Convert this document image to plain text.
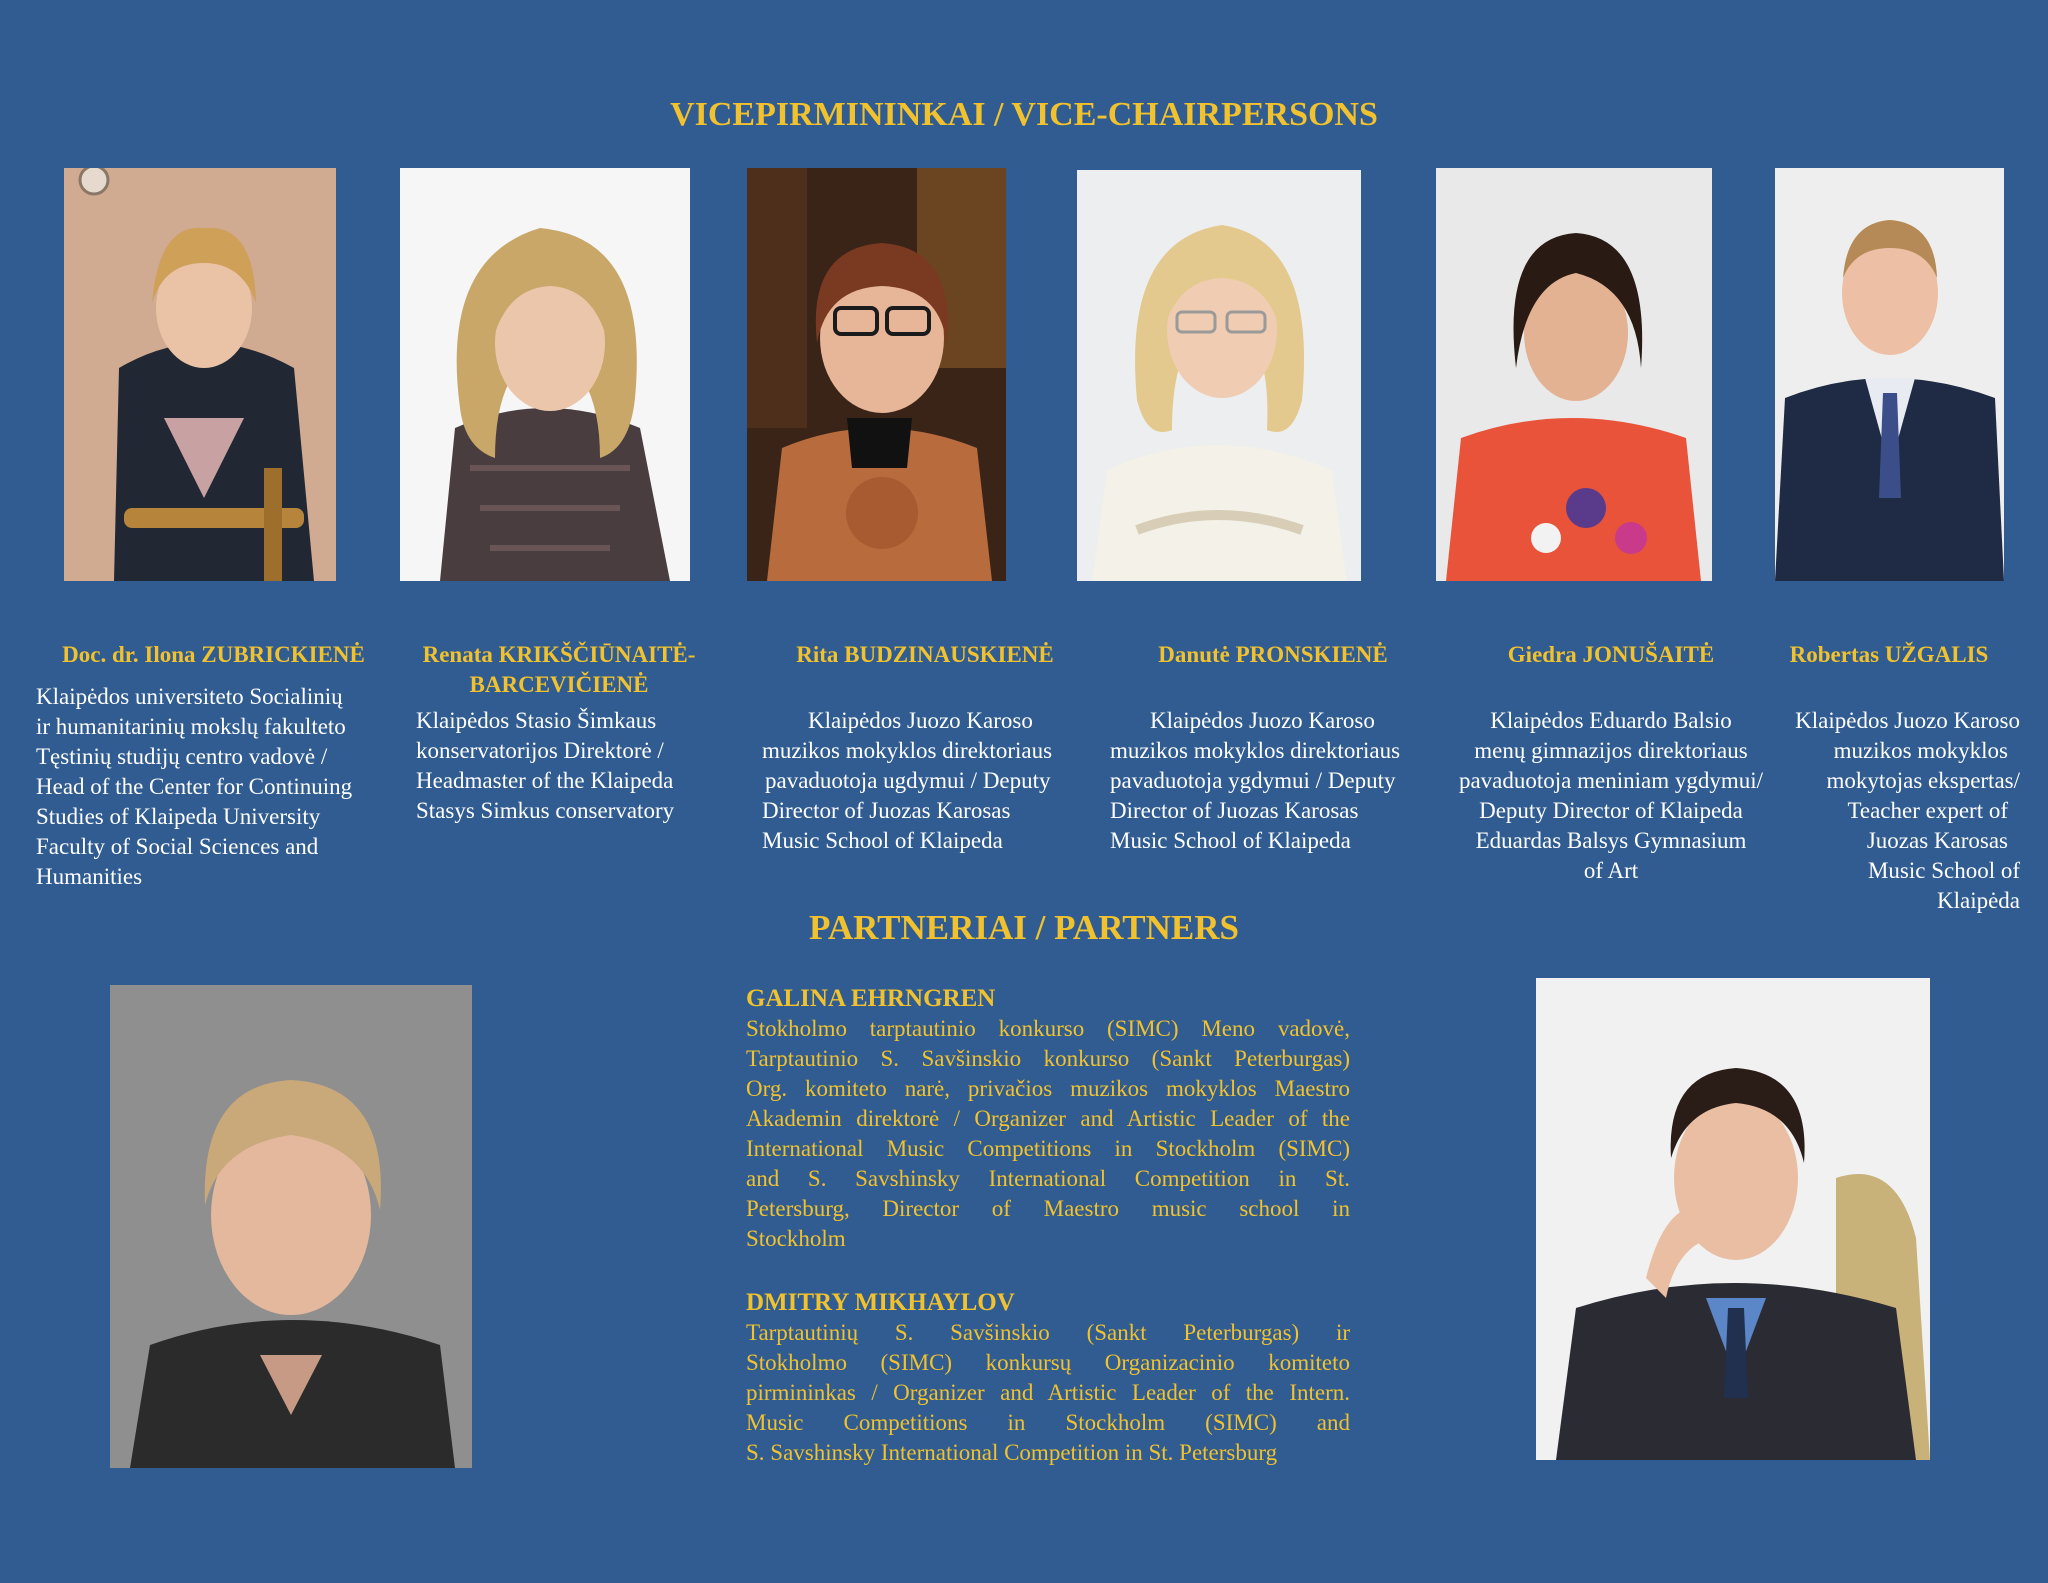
VICEPIRMININKAI / VICE-CHAIRPERSONS
Doc. dr. Ilona ZUBRICKIENĖ
Klaipėdos universiteto Socialinių
ir humanitarinių mokslų fakulteto
Tęstinių studijų centro vadovė /
Head of the Center for Continuing
Studies of Klaipeda University
Faculty of Social Sciences and
Humanities
Renata KRIKŠČIŪNAITĖ-
BARCEVIČIENĖ
Klaipėdos Stasio Šimkaus
konservatorijos Direktorė /
Headmaster of the Klaipeda
Stasys Simkus conservatory
Rita BUDZINAUSKIENĖ
Klaipėdos Juozo Karoso
muzikos mokyklos direktoriaus
pavaduotoja ugdymui / Deputy
Director of Juozas Karosas
Music School of Klaipeda
Danutė PRONSKIENĖ
Klaipėdos Juozo Karoso
muzikos mokyklos direktoriaus
pavaduotoja ygdymui / Deputy
Director of Juozas Karosas
Music School of Klaipeda
Giedra JONUŠAITĖ
Klaipėdos Eduardo Balsio
menų gimnazijos direktoriaus
pavaduotoja meniniam ygdymui/
Deputy Director of Klaipeda
Eduardas Balsys Gymnasium
of Art
Robertas UŽGALIS
Klaipėdos Juozo Karoso
muzikos mokyklos
mokytojas ekspertas/
Teacher expert of
Juozas Karosas
Music School of
Klaipėda
PARTNERIAI / PARTNERS
GALINA EHRNGREN
Stokholmo tarptautinio konkurso (SIMC) Meno vadovė,
Tarptautinio S. Savšinskio konkurso (Sankt Peterburgas)
Org. komiteto narė, privačios muzikos mokyklos Maestro
Akademin direktorė / Organizer and Artistic Leader of the
International Music Competitions in Stockholm (SIMC)
and S. Savshinsky International Competition in St.
Petersburg, Director of Maestro music school in
Stockholm
DMITRY MIKHAYLOV
Tarptautinių S. Savšinskio (Sankt Peterburgas) ir
Stokholmo (SIMC) konkursų Organizacinio komiteto
pirmininkas / Organizer and Artistic Leader of the Intern.
Music Competitions in Stockholm (SIMC) and
S. Savshinsky International Competition in St. Petersburg
